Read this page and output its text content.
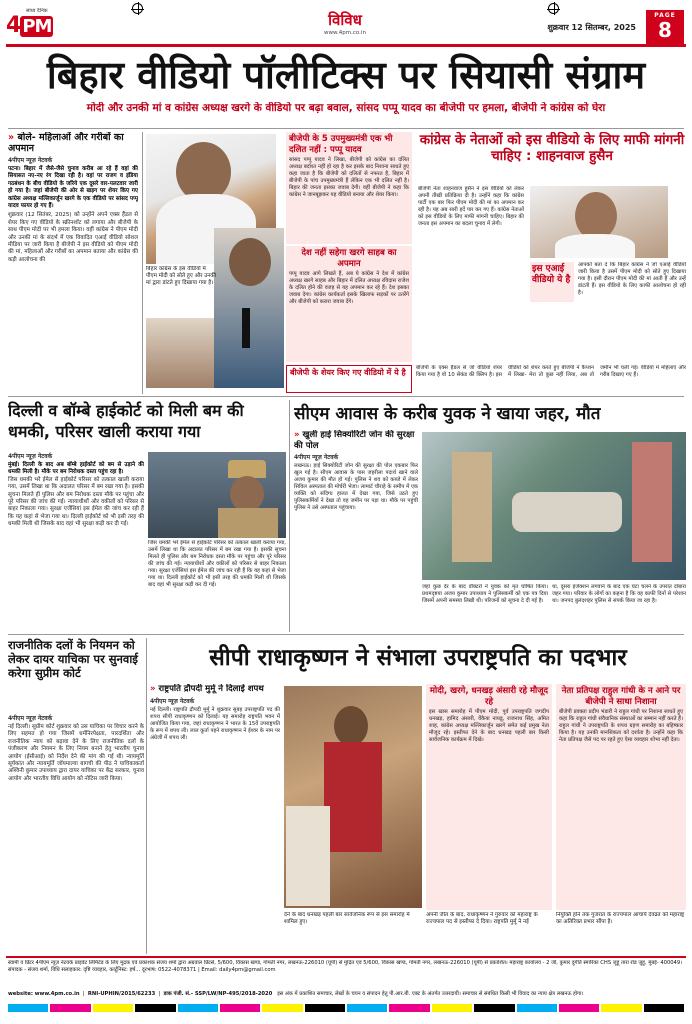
सांध्य दैनिक
4 PM	विविध
www.4pm.co.in
शुक्रवार 12 सितम्बर, 2025
PAGE
8
बिहार वीडियो पॉलीटिक्स पर सियासी संग्राम
मोदी और उनकी मां व कांग्रेस अध्यक्ष खरगे के वीडियो पर बढ़ा बवाल, सांसद पप्पू यादव का बीजेपी पर हमला, बीजेपी ने कांग्रेस को घेरा
» बोले- महिलाओं और गरीबों का अपमान
4पीएम न्यूज़ नेटवर्क
पटना। बिहार में जैसे-जैसे चुनाव करीब आ रहे हैं वहां की सियासत नए-नए रंग दिखा रही है। वहां पर राजग व इंडिया गठबंधन के बीच वीडियो के जरिये एक दूसरे वार-पलटवार जारी हो गया है। जहां बीजेपी की ओर से खड़ग पर शेयर किए गए कांग्रेस अध्यक्ष मल्लिकार्जुन खरगे के एक वीडियो पर सांसद पप्पू यादव फायर हो गए हैं।
शुक्रवार (12 सितंबर, 2025) को उन्होंने अपने एक्स हैंडल से शेयर किए गए वीडियो के स्क्रीनशॉट को लगाया और बीजेपी के साथ पीएम मोदी पर भी हमला किया। वहीं कांग्रेस ने पीएम मोदी और उनकी मां के संदर्भ में एक विवादित एआई वीडियो सोशल मीडिया पर जारी किया है बीजेपी ने इस वीडियो को पीएम मोदी की मां, महिलाओं और गरीबों का अपमान बताया और कांग्रेस की कड़ी आलोचना की
बिहार कांग्रेस के इस वीडियो में पीएम मोदी को सोते हुए और उनकी मां द्वारा डांटते हुए दिखाया गया है।
बीजेपी के 5 उपमुख्यमंत्री एक भी दलित नहीं : पप्पू यादव
सांसद पप्पू यादव ने लिखा, बीजेपी को कांग्रेस का दलित अध्यक्ष बर्दाश्त नहीं हो रहा है कर इसके बाद निशाना साधते हुए कहा जाता है कि बीजेपी को दलितों से नफरत है, बिहार में बीजेपी के पांच उपमुख्यमंत्री हैं लेकिन एक भी दलित नहीं है। बिहार की जनता इसका जवाब देगी। वहीं बीजेपी ने कहा कि कांग्रेस ने जानबूझकर यह वीडियो बनाया और शेयर किया।
देश नहीं सहेगा खरगे साहब का अपमान
पप्पू यादव आगे लिखते हैं, अब ये कांग्रेस ने देश में कांग्रेस अध्यक्ष खरगे साहब और बिहार में दलित अध्यक्ष रविदास राजेश के दलित होने की वजह से यह अपमान कर रहे हैं। देश इसका जवाब देगा। कांग्रेस कार्यकर्ता इसके खिलाफ सड़कों पर उतरेंगे और बीजेपी को करारा जवाब देंगे।
बीजेपी के शेयर किए गए वीडियो में ये है	बीजेपी के एक्स हैंडल से जो वीडियो शेयर किया गया है वो 10 सेकंड की क्लिप है। इस वीडियो को शेयर करते हुए बीजेपी ने कैप्शन में लिखा- मेरा तो कुछ नहीं लिया, अब तो जमीन भी चली गई। वीडियो में महिलाएं और गरीब दिखाए गए हैं।
कांग्रेस के नेताओं को इस वीडियो के लिए माफी मांगनी चाहिए : शाहनवाज हुसैन
बीजेपी नेता शाहनवाज हुसैन ने इस वीडियो को लेकर अपनी तीखी प्रतिक्रिया दी है। उन्होंने कहा कि कांग्रेस पार्टी एक बार फिर पीएम मोदी की मां का अपमान कर रही है। यह अब सारी हदें पार कर गए हैं। कांग्रेस नेताओं को इस वीडियो के लिए माफी मांगनी चाहिए। बिहार की जनता इस अपमान का बदला चुनाव में लेगी।
इस एआई वीडियो ये है
आपको बता दें कि बिहार कांग्रेस ने जो एआई वीडियो जारी किया है उसमें पीएम मोदी को सोते हुए दिखाया गया है। इसी दौरान पीएम मोदी की मां आती हैं और उन्हें डांटती हैं। इस वीडियो के लिए काफी आलोचना हो रही है।
दिल्ली व बॉम्बे हाईकोर्ट को मिली बम की धमकी, परिसर खाली कराया गया
4पीएम न्यूज़ नेटवर्क
मुंबई। दिल्ली के बाद अब बॉम्बे हाईकोर्ट को बम से उड़ाने की धमकी मिली है। मौके पर बम निरोधक दस्ता पहुंच रहा है।
जिस धमकी भरे ईमेल से हाईकोर्ट परिसर को तत्काल खाली कराया गया, उसमें लिखा था कि अदालत परिसर में बम रखा गया है। इसकी सूचना मिलते ही पुलिस और बम निरोधक दस्ता मौके पर पहुंचा और पूरे परिसर की जांच की गई। न्यायाधीशों और वकीलों को परिसर से बाहर निकाला गया। सुरक्षा एजेंसियां इस ईमेल की जांच कर रही हैं कि यह कहां से भेजा गया था। दिल्ली हाईकोर्ट को भी इसी तरह की धमकी मिली थी जिसके बाद वहां भी सुरक्षा कड़ी कर दी गई।
जिस धमकी भरे ईमेल से हाईकोर्ट परिसर को तत्काल खाली कराया गया, उसमें लिखा था कि अदालत परिसर में बम रखा गया है। इसकी सूचना मिलते ही पुलिस और बम निरोधक दस्ता मौके पर पहुंचा और पूरे परिसर की जांच की गई। न्यायाधीशों और वकीलों को परिसर से बाहर निकाला गया। सुरक्षा एजेंसियां इस ईमेल की जांच कर रही हैं कि यह कहां से भेजा गया था। दिल्ली हाईकोर्ट को भी इसी तरह की धमकी मिली थी जिसके बाद वहां भी सुरक्षा कड़ी कर दी गई।
सीएम आवास के करीब युवक ने खाया जहर, मौत
» खुली हाई सिक्योरिटी जोन की सुरक्षा की पोल
4पीएम न्यूज़ नेटवर्क
लखनऊ। हाई सिक्योरिटी जोन की सुरक्षा की पोल एकबार फिर खुल गई है। सीएम आवास के पास जहरीला पदार्थ खाने वाले अजय कुमार की मौत हो गई। पुलिस ने शव को कब्जे में लेकर सिविल अस्पताल की मोर्चरी भेजा। लामार्ट चौराहे के समीप में एक व्यक्ति को संदिग्ध हालत में देखा गया, जिसे उठते हुए पुलिसकर्मियों ने देखा तो वह जमीन पर पड़ा था। मौके पर पहुंची पुलिस ने उसे अस्पताल पहुंचाया।
जहां कुछ देर के बाद डॉक्टरों ने युवक को मृत घोषित किया। प्रथमदृष्टया अजय कुमार उपाध्याय ने पुलिसकर्मी को एक पत्र दिया जिसमें अपनी समस्या लिखी थी। परिजनों को सूचना दे दी गई है।
था, दूसरा इंजेक्शन लगवाने के बाद एक घंटा चलने के उपरांत दोबारा जहर गया। परिवार के लोगों का कहना है कि वह काफी दिनों से परेशान था। जनपद बुलंदशहर पुलिस से संपर्क किया जा रहा है।
राजनीतिक दलों के नियमन को लेकर दायर याचिका पर सुनवाई करेगा सुप्रीम कोर्ट
4पीएम न्यूज़ नेटवर्क
नई दिल्ली। सुप्रीम कोर्ट शुक्रवार को उस याचिका पर विचार करने के लिए सहमत हो गया जिसमें धर्मनिरपेक्षता, पारदर्शिता और राजनीतिक न्याय को बढ़ावा देने के लिए राजनीतिक दलों के पंजीकरण और नियमन के लिए नियम बनाने हेतु भारतीय चुनाव आयोग (ईसीआई) को निर्देश देने की मांग की गई थी। न्यायमूर्ति सूर्यकांत और न्यायमूर्ति जॉयमाल्या बागची की पीठ ने याचिकाकर्ता अश्विनी कुमार उपाध्याय द्वारा दायर याचिका पर केंद्र सरकार, चुनाव आयोग और भारतीय विधि आयोग को नोटिस जारी किया।
सीपी राधाकृष्णन ने संभाला उपराष्ट्रपति का पदभार
» राष्ट्रपति द्रौपदी मुर्मू ने दिलाई शपथ
4पीएम न्यूज़ नेटवर्क
नई दिल्ली। राष्ट्रपति द्रौपदी मुर्मू ने शुक्रवार सुबह उपराष्ट्रपति पद की शपथ सीपी राधाकृष्णन को दिलाई। यह समारोह राष्ट्रपति भवन में आयोजित किया गया, जहां राधाकृष्णन ने भारत के 15वें उपराष्ट्रपति के रूप में शपथ ली। लाल कुर्ता पहने राधाकृष्णन ने ईश्वर के नाम पर अंग्रेजी में शपथ ली।
देने के बाद धनखड़ पहली बार सार्वजनिक रूप से इस समारोह में शामिल हुए।
मोदी, खरगे, धनखड़ अंसारी रहे मौजूद रहे
इस खास समारोह में पीएम मोदी, पूर्व उपराष्ट्रपति जगदीप धनखड़, हामिद अंसारी, वेंकैया नायडू, राजनाथ सिंह, अमित शाह, कांग्रेस अध्यक्ष मल्लिकार्जुन खरगे समेत कई प्रमुख नेता मौजूद रहे। इस्तीफा देने के बाद धनखड़ पहली बार किसी सार्वजनिक कार्यक्रम में दिखे।
अपनी जीत के बाद, राधाकृष्णन ने गुरुवार को महाराष्ट्र के राज्यपाल पद से इस्तीफा दे दिया। राष्ट्रपति मुर्मू ने नई
नेता प्रतिपक्ष राहुल गांधी के न आने पर बीजेपी ने साधा निशाना
बीजेपी प्रवक्ता प्रदीप भंडारी ने राहुल गांधी पर निशाना साधते हुए कहा कि राहुल गांधी संवैधानिक संस्थाओं का सम्मान नहीं करते हैं। राहुल गांधी ने उपराष्ट्रपति के शपथ ग्रहण समारोह का बहिष्कार किया है। यह उनकी मानसिकता को दर्शाता है। उन्होंने कहा कि नेता प्रतिपक्ष जैसे पद पर रहते हुए ऐसा व्यवहार शोभा नहीं देता।
नियुक्ति होने तक गुजरात के राज्यपाल आचार्य देवव्रत को महाराष्ट्र का अतिरिक्त प्रभार सौंपा है।
स्वामी व प्रिंटर 4पीएम न्यूज़ नेटवर्क प्राइवेट लिमिटेड के लिए मुद्रक एवं प्रकाशक संजय शर्मा द्वारा अग्रवाल प्रिंटर्स, 5/600, विकास खण्ड, गोमती नगर, लखनऊ-226010 (यूपी) से मुद्रित एवं 5/600, विकास खण्ड, गोमती नगर, लखनऊ-226010 (यूपी) से प्रकाशित। महाराष्ट्र कार्यालय - 2 जी, कुमार दुर्गति स्मारिका CHS जूहू तारा रोड जुहू, मुंबई- 400049। संपादक - संजय शर्मा, विधि सलाहकार: दृष्टि व्यवहार, कार्टूनिस्ट: हर्ष... दूरभाष: 0522-4078371 | Email: daily4pm@gmail.com
website: www.4pm.co.in  |  RNI-UPHIN/2015/62233  |  डाक पंजी. सं.- SSP/LW/NP-495/2018-2020 इस अंक में प्रकाशित समाचार, लेखों के चयन व संपादन हेतु पी.आर.बी. एक्ट के अंतर्गत उत्तरदायी। समाचार से संबंधित किसी भी विवाद का न्याय क्षेत्र लखनऊ होगा।
